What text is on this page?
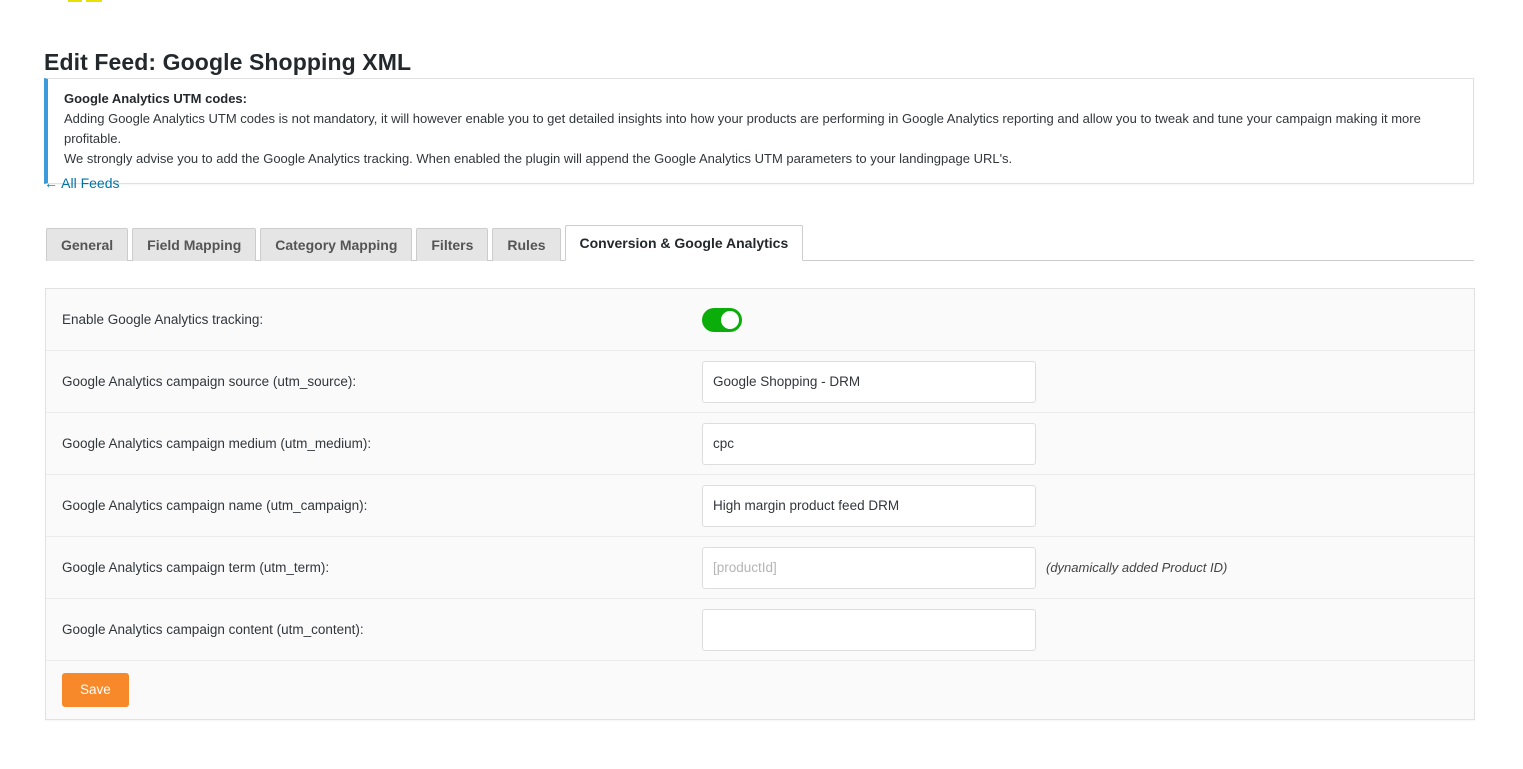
Edit Feed: Google Shopping XML
Google Analytics UTM codes:
Adding Google Analytics UTM codes is not mandatory, it will however enable you to get detailed insights into how your products are performing in Google Analytics reporting and allow you to tweak and tune your campaign making it more profitable.
We strongly advise you to add the Google Analytics tracking. When enabled the plugin will append the Google Analytics UTM parameters to your landingpage URL's.
← All Feeds
General	Field Mapping	Category Mapping	Filters	Rules	Conversion & Google Analytics
Enable Google Analytics tracking:
Google Analytics campaign source (utm_source):
Google Shopping - DRM
Google Analytics campaign medium (utm_medium):
cpc
Google Analytics campaign name (utm_campaign):
High margin product feed DRM
Google Analytics campaign term (utm_term):
[productId]	(dynamically added Product ID)
Google Analytics campaign content (utm_content):
Save
